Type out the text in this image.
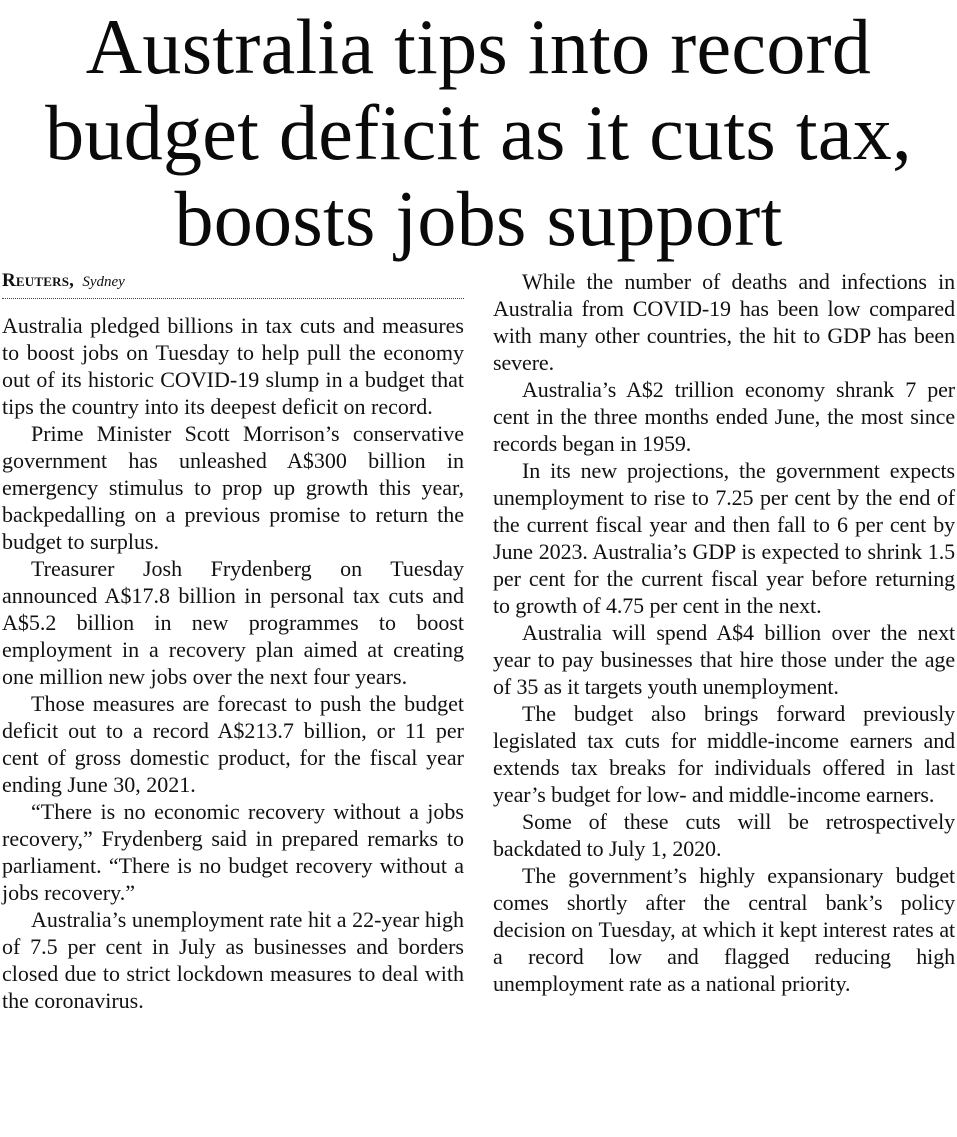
Australia tips into record
budget deficit as it cuts tax,
boosts jobs support
Reuters, Sydney

Australia pledged billions in tax cuts and measures to boost jobs on Tuesday to help pull the economy out of its historic COVID-19 slump in a budget that tips the country into its deepest deficit on record.

Prime Minister Scott Morrison’s conservative government has unleashed A$300 billion in emergency stimulus to prop up growth this year, backpedalling on a previous promise to return the budget to surplus.

Treasurer Josh Frydenberg on Tuesday announced A$17.8 billion in personal tax cuts and A$5.2 billion in new programmes to boost employment in a recovery plan aimed at creating one million new jobs over the next four years.

Those measures are forecast to push the budget deficit out to a record A$213.7 billion, or 11 per cent of gross domestic product, for the fiscal year ending June 30, 2021.

“There is no economic recovery without a jobs recovery,” Frydenberg said in prepared remarks to parliament. “There is no budget recovery without a jobs recovery.”

Australia’s unemployment rate hit a 22-year high of 7.5 per cent in July as businesses and borders closed due to strict lockdown measures to deal with the coronavirus.

While the number of deaths and infections in Australia from COVID-19 has been low compared with many other countries, the hit to GDP has been severe.

Australia’s A$2 trillion economy shrank 7 per cent in the three months ended June, the most since records began in 1959.

In its new projections, the government expects unemployment to rise to 7.25 per cent by the end of the current fiscal year and then fall to 6 per cent by June 2023. Australia’s GDP is expected to shrink 1.5 per cent for the current fiscal year before returning to growth of 4.75 per cent in the next.

Australia will spend A$4 billion over the next year to pay businesses that hire those under the age of 35 as it targets youth unemployment.

The budget also brings forward previously legislated tax cuts for middle-income earners and extends tax breaks for individuals offered in last year’s budget for low- and middle-income earners.

Some of these cuts will be retrospectively backdated to July 1, 2020.

The government’s highly expansionary budget comes shortly after the central bank’s policy decision on Tuesday, at which it kept interest rates at a record low and flagged reducing high unemployment rate as a national priority.
